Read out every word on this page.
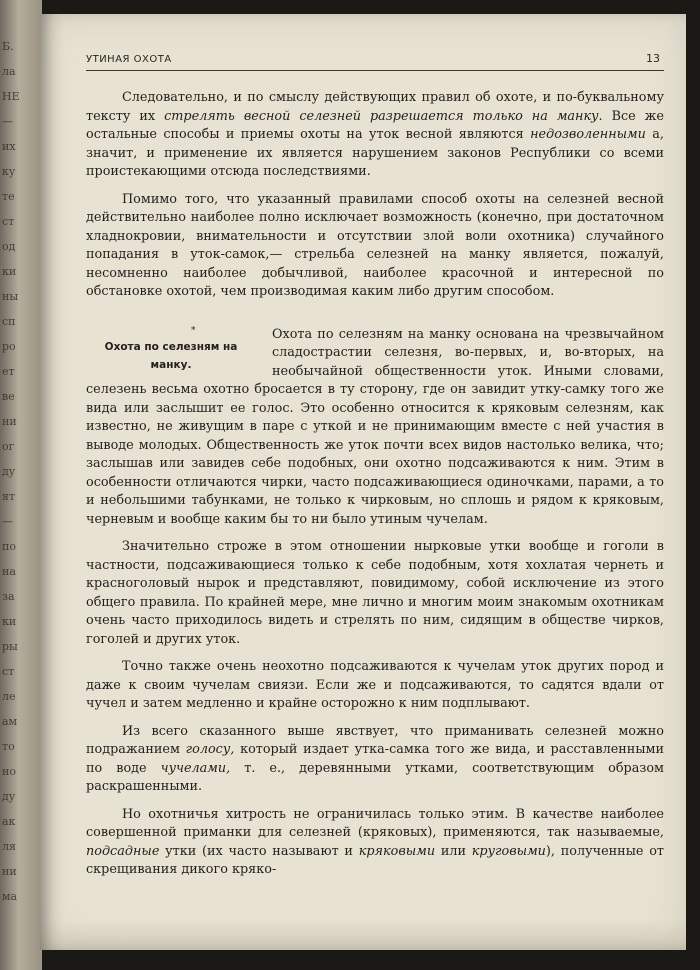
Б.
ла
НЕ
—
их
ку
те
ст
од
ки
ны
сп
ро
ет
ве
ни
ог
ду
ят
—
по
на
за
ки
ры
ст
ле
ам
то
но
ду
ак
ля
ни
ма
УТИНАЯ ОХОТА	13

Следовательно, и по смыслу действующих правил об охоте, и по-буквальному тексту их стрелять весной селезней разрешается только на манку. Все же остальные способы и приемы охоты на уток весной являются недозволенными а, значит, и применение их является нарушением законов Республики со всеми проистекающими отсюда последствиями.

Помимо того, что указанный правилами способ охоты на селезней весной действительно наиболее полно исключает возможность (конечно, при достаточном хладнокровии, внимательности и отсутствии злой воли охотника) случайного попадания в уток-самок,— стрельба селезней на манку является, пожалуй, несомненно наиболее добычливой, наиболее красочной и интересной по обстановке охотой, чем производимая каким либо другим способом.

*
Охота по селезням на манку.

Охота по селезням на манку основана на чрезвычайном сладострастии селезня, во-первых, и, во-вторых, на необычайной общественности уток. Иными словами, селезень весьма охотно бросается в ту сторону, где он завидит утку-самку того же вида или заслышит ее голос. Это особенно относится к кряковым селезням, как известно, не живущим в паре с уткой и не принимающим вместе с ней участия в выводе молодых. Общественность же уток почти всех видов настолько велика, что; заслышав или завидев себе подобных, они охотно подсаживаются к ним. Этим в особенности отличаются чирки, часто подсаживающиеся одиночками, парами, а то и небольшими табунками, не только к чирковым, но сплошь и рядом к кряковым, черневым и вообще каким бы то ни было утиным чучелам.

Значительно строже в этом отношении нырковые утки вообще и гоголи в частности, подсаживающиеся только к себе подобным, хотя хохлатая чернеть и красноголовый нырок и представляют, повидимому, собой исключение из этого общего правила. По крайней мере, мне лично и многим моим знакомым охотникам очень часто приходилось видеть и стрелять по ним, сидящим в обществе чирков, гоголей и других уток.

Точно также очень неохотно подсаживаются к чучелам уток других пород и даже к своим чучелам свиязи. Если же и подсаживаются, то садятся вдали от чучел и затем медленно и крайне осторожно к ним подплывают.

Из всего сказанного выше явствует, что приманивать селезней можно подражанием голосу, который издает утка-самка того же вида, и расставленными по воде чучелами, т. е., деревянными утками, соответствующим образом раскрашенными.

Но охотничья хитрость не ограничилась только этим. В качестве наиболее совершенной приманки для селезней (кряковых), применяются, так называемые, подсадные утки (их часто называют и кряковыми или круговыми), полученные от скрещивания дикого кряко-
